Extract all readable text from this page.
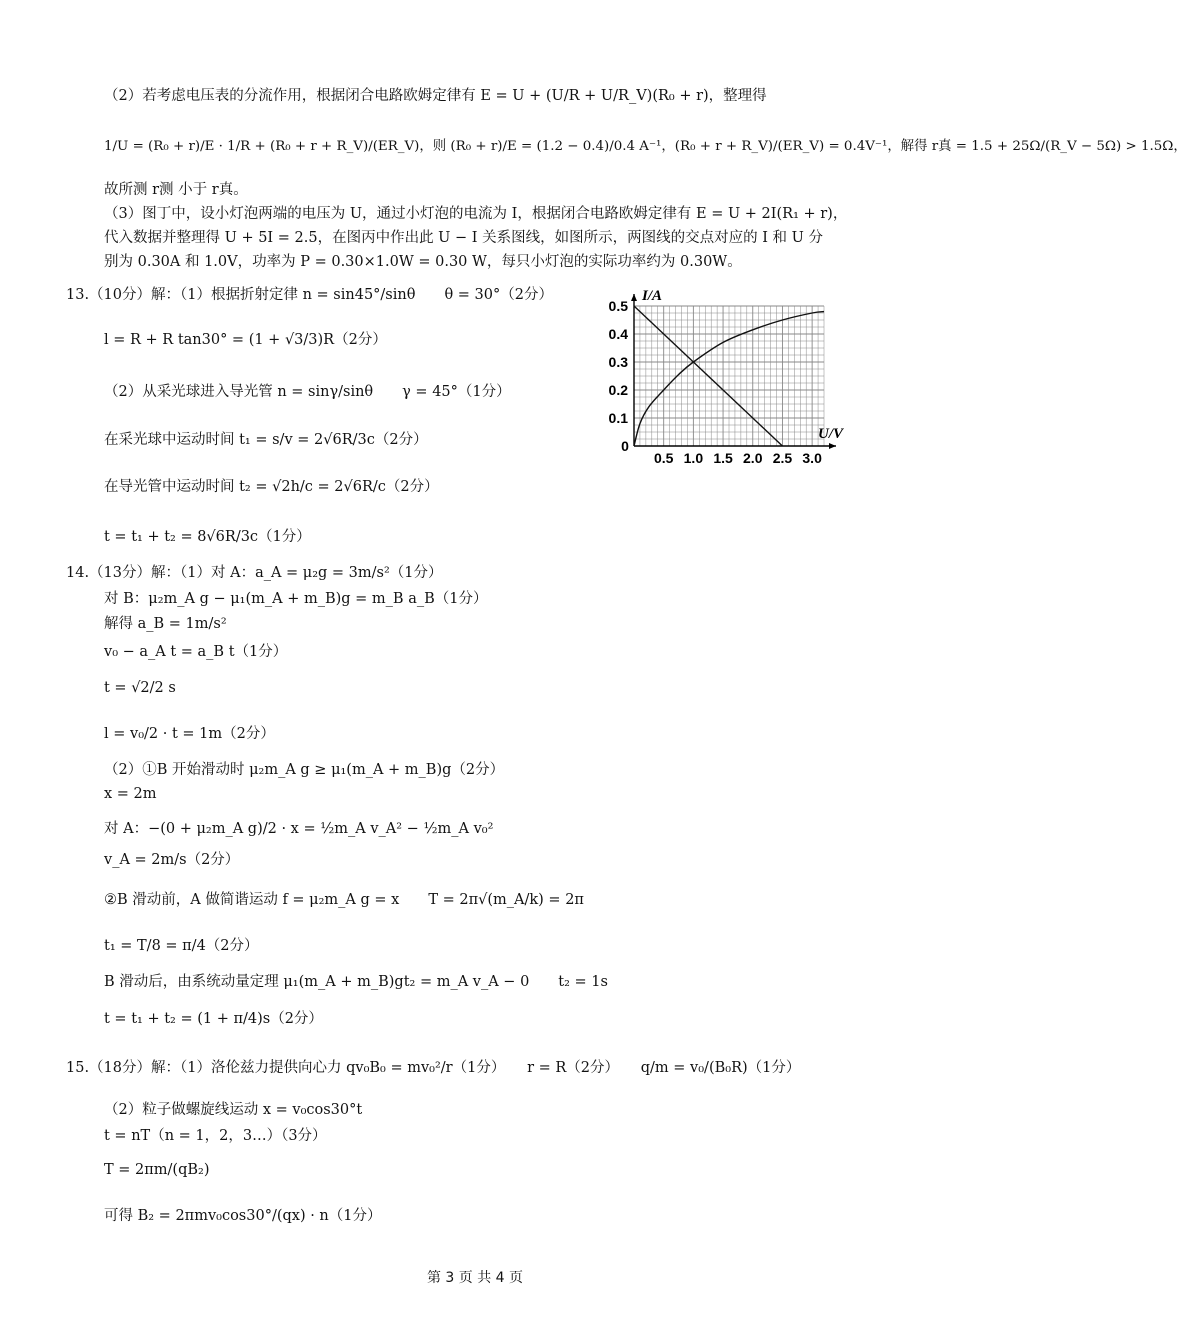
（2）若考虑电压表的分流作用，根据闭合电路欧姆定律有 E = U + (U/R + U/R_V)(R₀ + r)，整理得
1/U = (R₀ + r)/E · 1/R + (R₀ + r + R_V)/(ER_V)，则 (R₀ + r)/E = (1.2 − 0.4)/0.4 A⁻¹，(R₀ + r + R_V)/(ER_V) = 0.4V⁻¹，解得 r真 = 1.5 + 25Ω/(R_V − 5Ω) > 1.5Ω，
故所测 r测 小于 r真。
（3）图丁中，设小灯泡两端的电压为 U，通过小灯泡的电流为 I，根据闭合电路欧姆定律有 E = U + 2I(R₁ + r)，
代入数据并整理得 U + 5I = 2.5，在图丙中作出此 U − I 关系图线，如图所示，两图线的交点对应的 I 和 U 分
别为 0.30A 和 1.0V，功率为 P = 0.30×1.0W = 0.30 W，每只小灯泡的实际功率约为 0.30W。
13.（10分）解：（1）根据折射定律 n = sin45°/sinθ　　θ = 30°（2分）
l = R + R tan30° = (1 + √3/3)R（2分）
（2）从采光球进入导光管 n = sinγ/sinθ　　γ = 45°（1分）
在采光球中运动时间 t₁ = s/v = 2√6R/3c（2分）
在导光管中运动时间 t₂ = √2h/c = 2√6R/c（2分）
t = t₁ + t₂ = 8√6R/3c（1分）
14.（13分）解：（1）对 A：a_A = μ₂g = 3m/s²（1分）
对 B：μ₂m_A g − μ₁(m_A + m_B)g = m_B a_B（1分）
解得 a_B = 1m/s²
v₀ − a_A t = a_B t（1分）
t = √2/2 s
l = v₀/2 · t = 1m（2分）
（2）①B 开始滑动时 μ₂m_A g ≥ μ₁(m_A + m_B)g（2分）
x = 2m
对 A：−(0 + μ₂m_A g)/2 · x = ½m_A v_A² − ½m_A v₀²
v_A = 2m/s（2分）
②B 滑动前，A 做简谐运动 f = μ₂m_A g = x　　T = 2π√(m_A/k) = 2π
t₁ = T/8 = π/4（2分）
B 滑动后，由系统动量定理 μ₁(m_A + m_B)gt₂ = m_A v_A − 0　　t₂ = 1s
t = t₁ + t₂ = (1 + π/4)s（2分）
15.（18分）解：（1）洛伦兹力提供向心力 qv₀B₀ = mv₀²/r（1分）　　r = R（2分）　　q/m = v₀/(B₀R)（1分）
（2）粒子做螺旋线运动 x = v₀cos30°t
t = nT（n = 1，2，3…）（3分）
T = 2πm/(qB₂)
可得 B₂ = 2πmv₀cos30°/(qx) · n（1分）
0.5 1.0 1.5 2.0 2.5 3.0
0.1
0.2
0.3
0.4
0.5
0
U/V
I/A
第 3 页 共 4 页
